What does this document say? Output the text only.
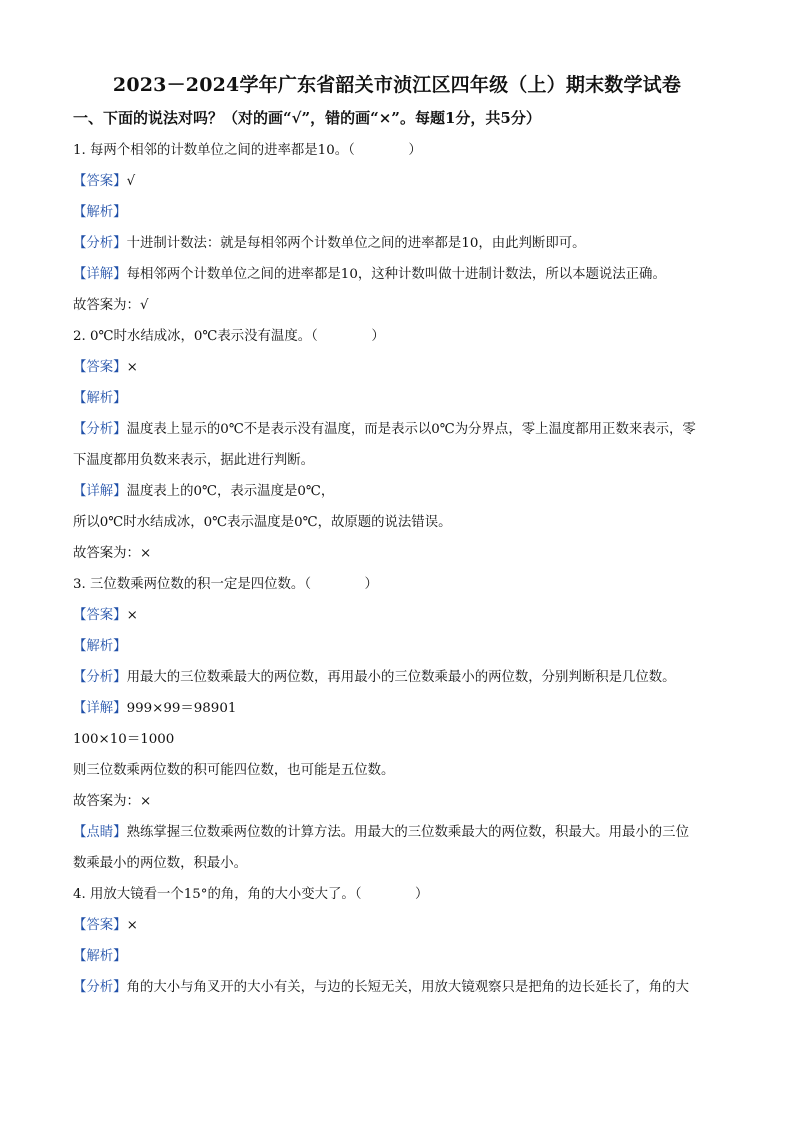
2023－2024学年广东省韶关市浈江区四年级（上）期末数学试卷
一、下面的说法对吗？（对的画“√”，错的画“×”。每题1分，共5分）
1. 每两个相邻的计数单位之间的进率都是10。（　　　　）
【答案】√
【解析】
【分析】十进制计数法：就是每相邻两个计数单位之间的进率都是10，由此判断即可。
【详解】每相邻两个计数单位之间的进率都是10，这种计数叫做十进制计数法，所以本题说法正确。
故答案为：√
2. 0℃时水结成冰，0℃表示没有温度。（　　　　）
【答案】×
【解析】
【分析】温度表上显示的0℃不是表示没有温度，而是表示以0℃为分界点，零上温度都用正数来表示，零
下温度都用负数来表示，据此进行判断。
【详解】温度表上的0℃，表示温度是0℃，
所以0℃时水结成冰，0℃表示温度是0℃，故原题的说法错误。
故答案为：×
3. 三位数乘两位数的积一定是四位数。（　　　　）
【答案】×
【解析】
【分析】用最大的三位数乘最大的两位数，再用最小的三位数乘最小的两位数，分别判断积是几位数。
【详解】999×99＝98901
100×10＝1000
则三位数乘两位数的积可能四位数，也可能是五位数。
故答案为：×
【点睛】熟练掌握三位数乘两位数的计算方法。用最大的三位数乘最大的两位数，积最大。用最小的三位
数乘最小的两位数，积最小。
4. 用放大镜看一个15°的角，角的大小变大了。（　　　　）
【答案】×
【解析】
【分析】角的大小与角叉开的大小有关，与边的长短无关，用放大镜观察只是把角的边长延长了，角的大
